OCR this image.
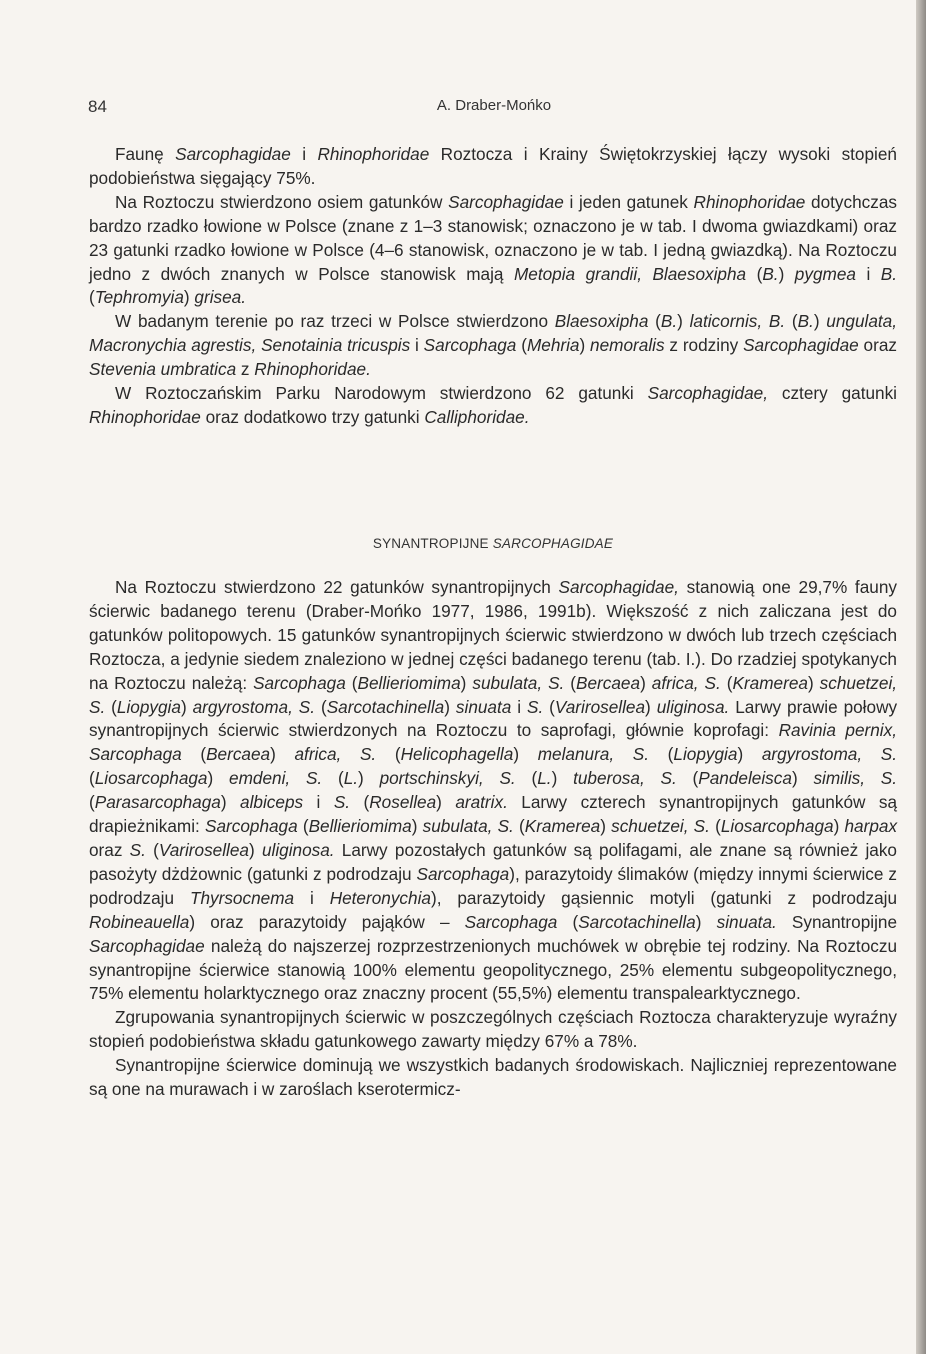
84	A. Draber-Mońko

Faunę Sarcophagidae i Rhinophoridae Roztocza i Krainy Świętokrzyskiej łączy wysoki stopień podobieństwa sięgający 75%.

Na Roztoczu stwierdzono osiem gatunków Sarcophagidae i jeden gatunek Rhinophoridae dotychczas bardzo rzadko łowione w Polsce (znane z 1–3 stanowisk; oznaczono je w tab. I dwoma gwiazdkami) oraz 23 gatunki rzadko łowione w Polsce (4–6 stanowisk, oznaczono je w tab. I jedną gwiazdką). Na Roztoczu jedno z dwóch znanych w Polsce stanowisk mają Metopia grandii, Blaesoxipha (B.) pygmea i B. (Tephromyia) grisea.

W badanym terenie po raz trzeci w Polsce stwierdzono Blaesoxipha (B.) laticornis, B. (B.) ungulata, Macronychia agrestis, Senotainia tricuspis i Sarcophaga (Mehria) nemoralis z rodziny Sarcophagidae oraz Stevenia umbratica z Rhinophoridae.

W Roztoczańskim Parku Narodowym stwierdzono 62 gatunki Sarcophagidae, cztery gatunki Rhinophoridae oraz dodatkowo trzy gatunki Calliphoridae.

SYNANTROPIJNE SARCOPHAGIDAE

Na Roztoczu stwierdzono 22 gatunków synantropijnych Sarcophagidae, stanowią one 29,7% fauny ścierwic badanego terenu (Draber-Mońko 1977, 1986, 1991b). Większość z nich zaliczana jest do gatunków politopowych. 15 gatunków synantropijnych ścierwic stwierdzono w dwóch lub trzech częściach Roztocza, a jedynie siedem znaleziono w jednej części badanego terenu (tab. I.). Do rzadziej spotykanych na Roztoczu należą: Sarcophaga (Bellieriomima) subulata, S. (Bercaea) africa, S. (Kramerea) schuetzei, S. (Liopygia) argyrostoma, S. (Sarcotachinella) sinuata i S. (Varirosellea) uliginosa. Larwy prawie połowy synantropijnych ścierwic stwierdzonych na Roztoczu to saprofagi, głównie koprofagi: Ravinia pernix, Sarcophaga (Bercaea) africa, S. (Helicophagella) melanura, S. (Liopygia) argyrostoma, S. (Liosarcophaga) emdeni, S. (L.) portschinskyi, S. (L.) tuberosa, S. (Pandeleisca) similis, S. (Parasarcophaga) albiceps i S. (Rosellea) aratrix. Larwy czterech synantropijnych gatunków są drapieżnikami: Sarcophaga (Bellieriomima) subulata, S. (Kramerea) schuetzei, S. (Liosarcophaga) harpax oraz S. (Varirosellea) uliginosa. Larwy pozostałych gatunków są polifagami, ale znane są również jako pasożyty dżdżownic (gatunki z podrodzaju Sarcophaga), parazytoidy ślimaków (między innymi ścierwice z podrodzaju Thyrsocnema i Heteronychia), parazytoidy gąsiennic motyli (gatunki z podrodzaju Robineauella) oraz parazytoidy pająków – Sarcophaga (Sarcotachinella) sinuata. Synantropijne Sarcophagidae należą do najszerzej rozprzestrzenionych muchówek w obrębie tej rodziny. Na Roztoczu synantropijne ścierwice stanowią 100% elementu geopolitycznego, 25% elementu subgeopolitycznego, 75% elementu holarktycznego oraz znaczny procent (55,5%) elementu transpalearktycznego.

Zgrupowania synantropijnych ścierwic w poszczególnych częściach Roztocza charakteryzuje wyraźny stopień podobieństwa składu gatunkowego zawarty między 67% a 78%.

Synantropijne ścierwice dominują we wszystkich badanych środowiskach. Najliczniej reprezentowane są one na murawach i w zaroślach kserotermicz-
